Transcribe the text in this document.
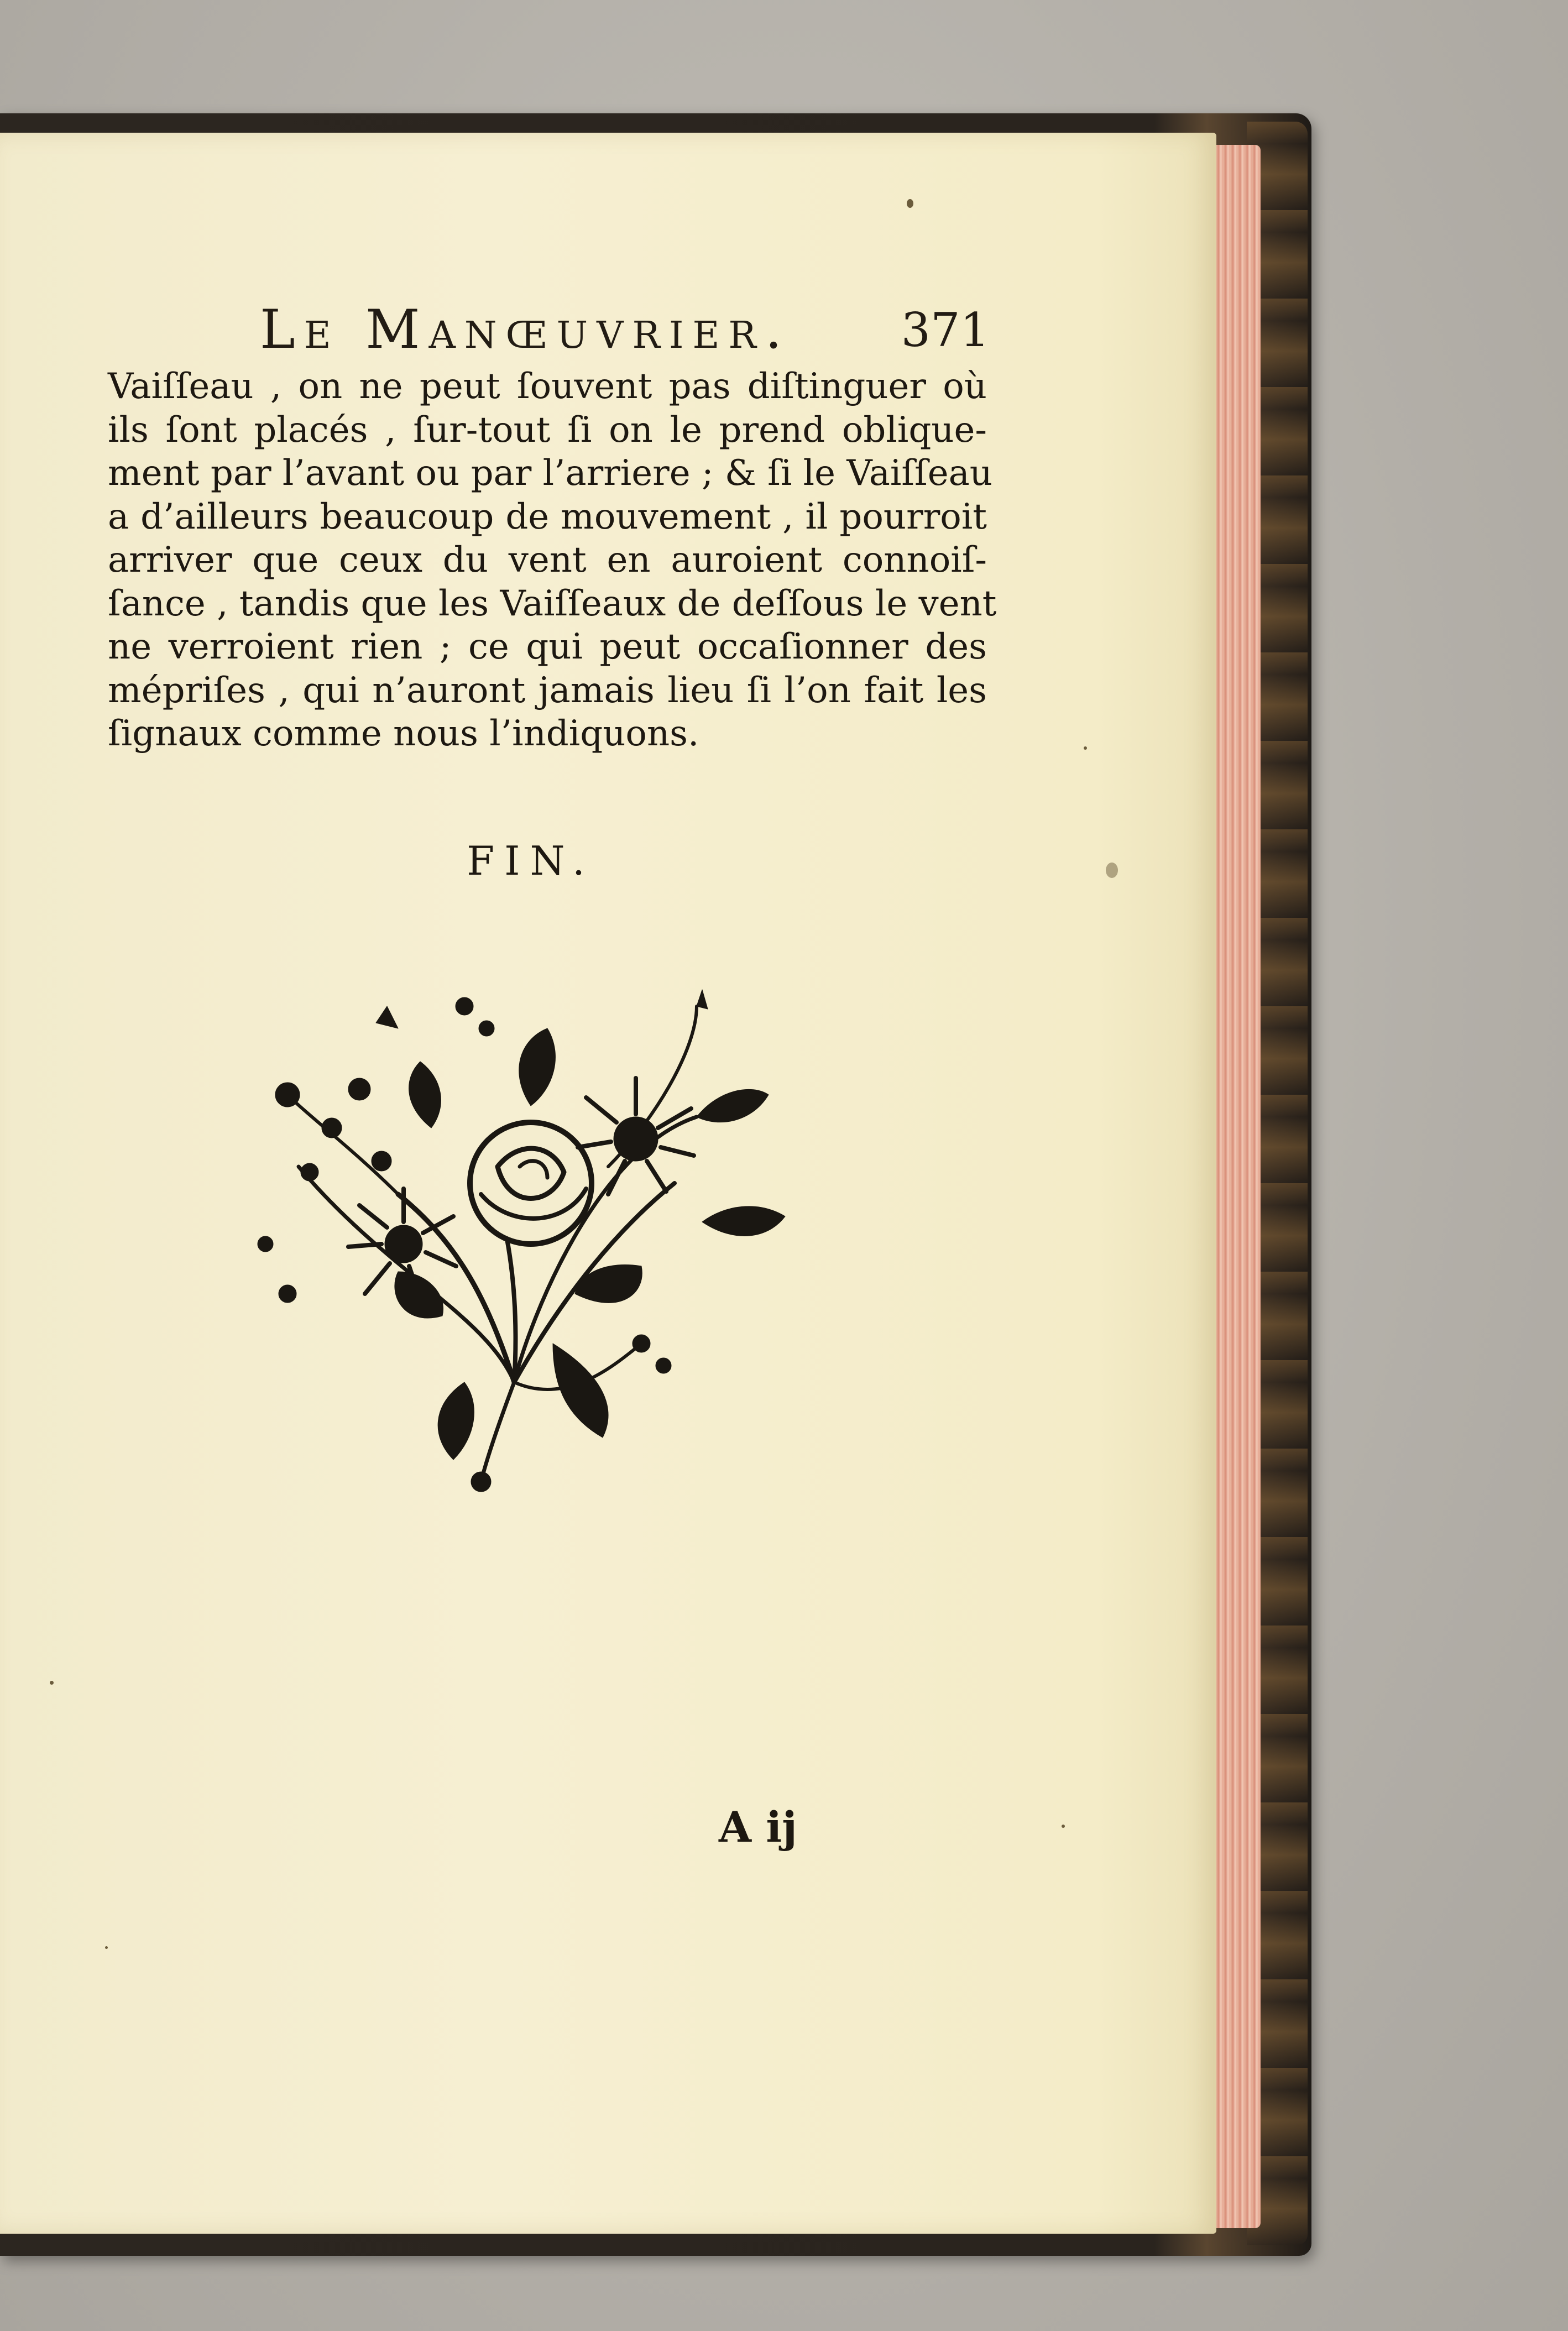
Le Manœuvrier. 371
Vaiſſeau , on ne peut ſouvent pas diſtinguer où
ils ſont placés , ſur-tout ſi on le prend oblique-
ment par l’avant ou par l’arriere ; & ſi le Vaiſſeau
a d’ailleurs beaucoup de mouvement , il pourroit
arriver que ceux du vent en auroient connoiſ-
ſance , tandis que les Vaiſſeaux de deſſous le vent
ne verroient rien ; ce qui peut occaſionner des
mépriſes , qui n’auront jamais lieu ſi l’on fait les
ſignaux comme nous l’indiquons.
FIN.
A ij
